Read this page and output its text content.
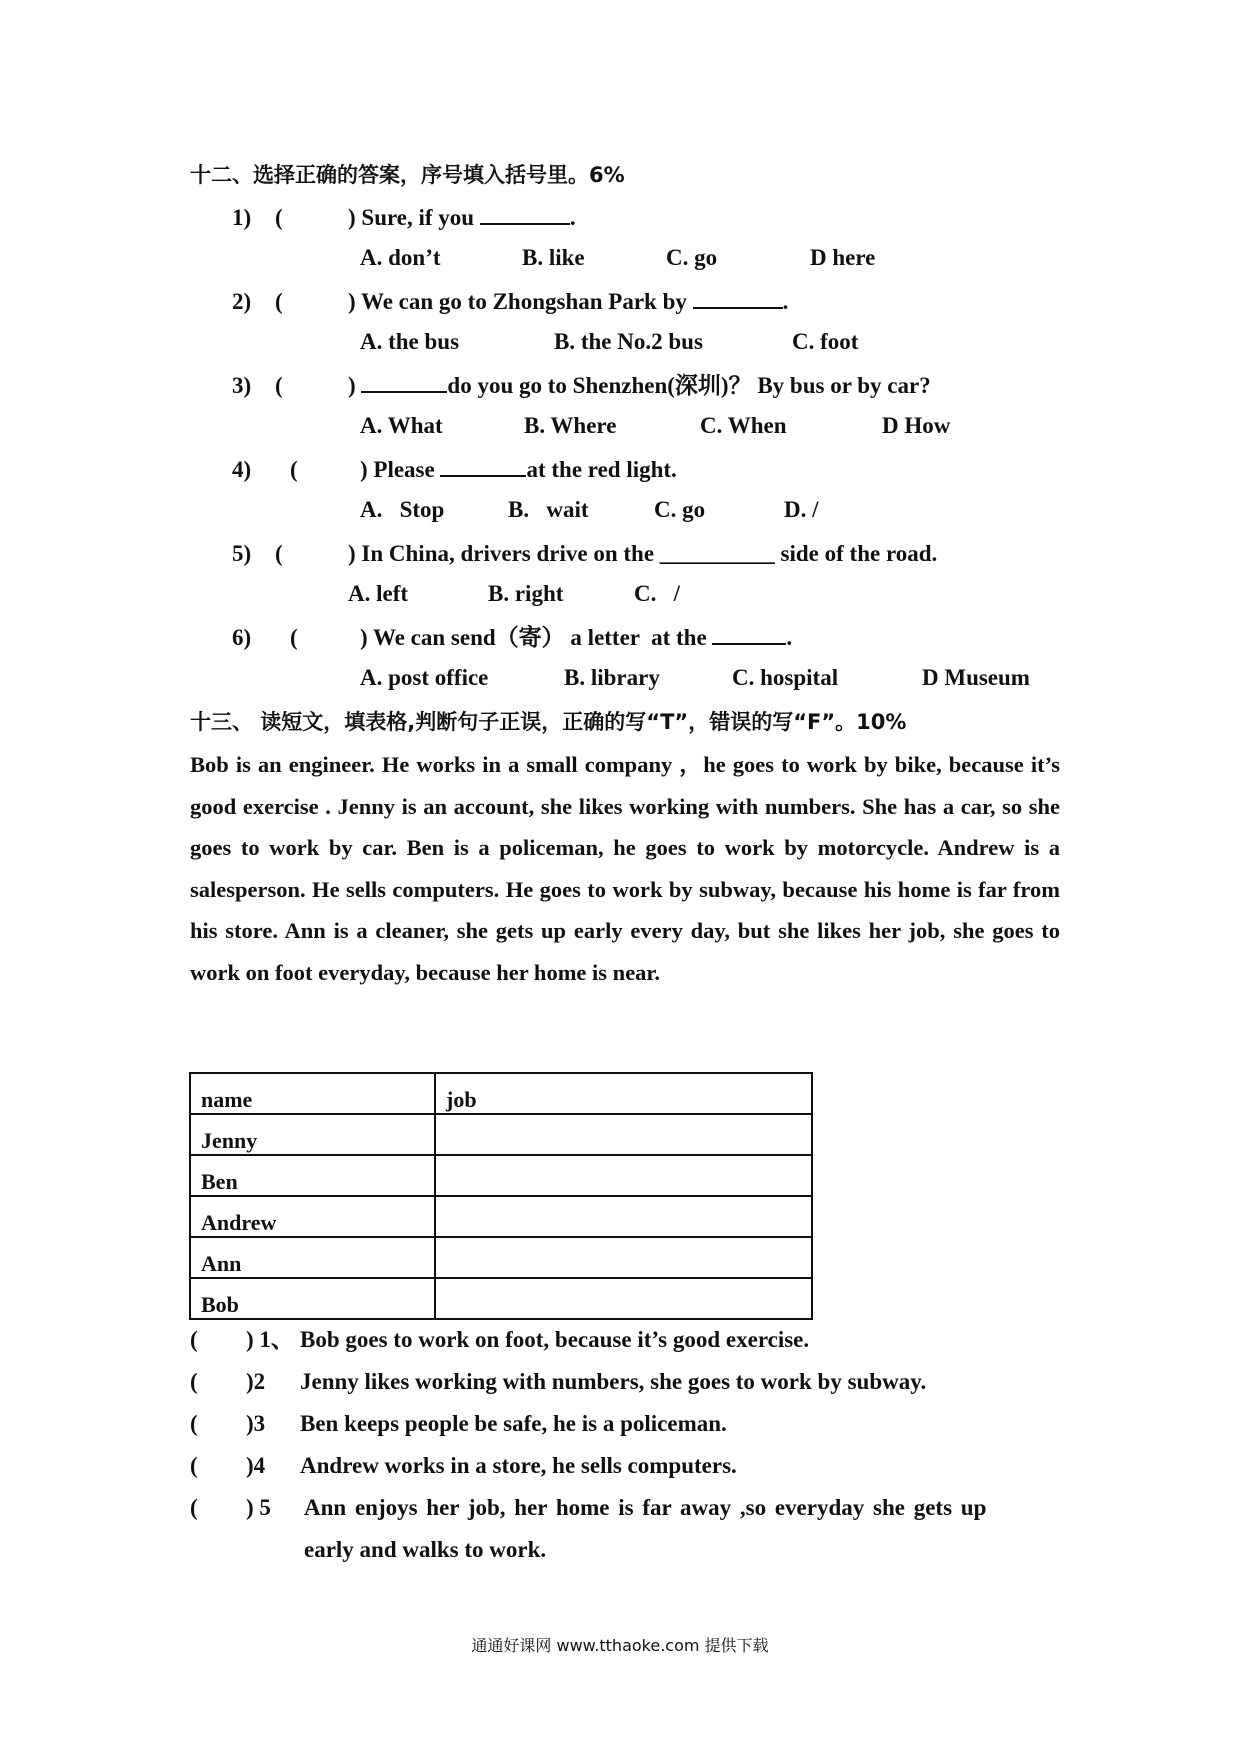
十二、选择正确的答案，序号填入括号里。6%
1) (	) Sure, if you	.
A. don’t	B. like	C. go	D here
2) (	) We can go to Zhongshan Park by	.
A. the bus	B. the No.2 bus	C. foot
3) (	)	do you go to Shenzhen(深圳)？ By bus or by car?
A. What	B. Where	C. When	D How
4) (	) Please	at the red light.
A.   Stop	B.   wait	C. go	D. /
5) (	) In China, drivers drive on the __________ side of the road.
A. left	B. right	C.   /
6) (	) We can send（寄） a letter  at the	.
A. post office	B. library	C. hospital	D Museum
十三、 读短文，填表格,判断句子正误，正确的写“T”，错误的写“F”。10%
Bob is an engineer. He works in a small company ，he goes to work by bike, because it’s good exercise . Jenny is an account, she likes working with numbers. She has a car, so she goes to work by car. Ben is a policeman, he goes to work by motorcycle. Andrew is a salesperson. He sells computers. He goes to work by subway, because his home is far from his store. Ann is a cleaner, she gets up early every day, but she likes her job, she goes to work on foot everyday, because her home is near.
name	job
Jenny	
Ben	
Andrew	
Ann	
Bob	
( ) 1、 Bob goes to work on foot, because it’s good exercise.
( )2 Jenny likes working with numbers, she goes to work by subway.
( )3 Ben keeps people be safe, he is a policeman.
( )4 Andrew works in a store, he sells computers.
( ) 5 Ann enjoys her job, her home is far away ,so everyday she gets up
early and walks to work.
通通好课网 www.tthaoke.com 提供下载
